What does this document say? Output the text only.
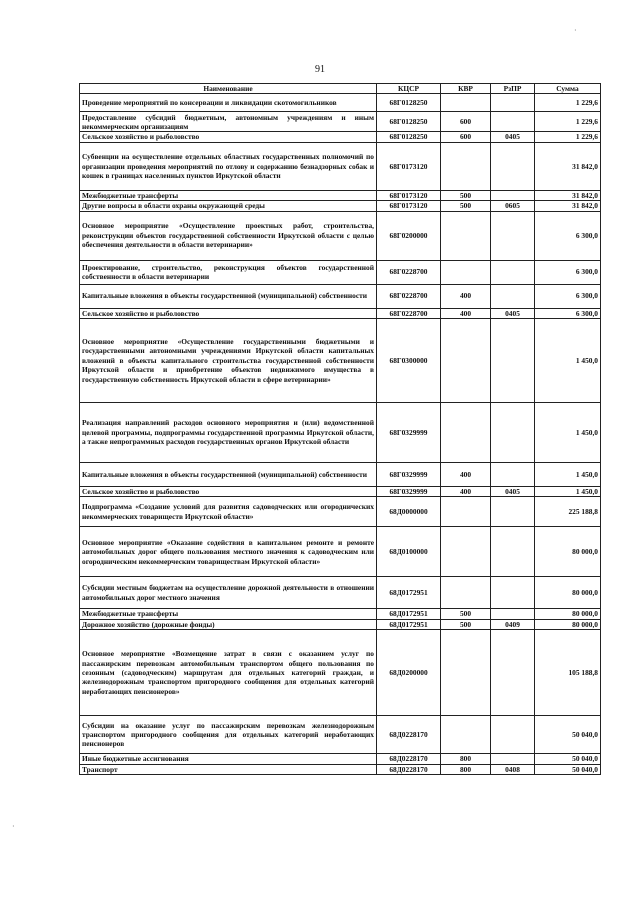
91
Наименование	КЦСР	КВР	РзПР	Сумма
Проведение мероприятий по консервации и ликвидации скотомогильников	68Г0128250			1 229,6
Предоставление субсидий бюджетным, автономным учреждениям и иным некоммерческим организациям	68Г0128250	600		1 229,6
Сельское хозяйство и рыболовство	68Г0128250	600	0405	1 229,6
Субвенции на осуществление отдельных областных государственных полномочий по организации проведения мероприятий по отлову и содержанию безнадзорных собак и кошек в границах населенных пунктов Иркутской области	68Г0173120			31 842,0
Межбюджетные трансферты	68Г0173120	500		31 842,0
Другие вопросы в области охраны окружающей среды	68Г0173120	500	0605	31 842,0
Основное мероприятие «Осуществление проектных работ, строительства, реконструкции объектов государственной собственности Иркутской области с целью обеспечения деятельности в области ветеринарии»	68Г0200000			6 300,0
Проектирование, строительство, реконструкция объектов государственной собственности в области ветеринарии	68Г0228700			6 300,0
Капитальные вложения в объекты государственной (муниципальной) собственности	68Г0228700	400		6 300,0
Сельское хозяйство и рыболовство	68Г0228700	400	0405	6 300,0
Основное мероприятие «Осуществление государственными бюджетными и государственными автономными учреждениями Иркутской области капитальных вложений в объекты капитального строительства государственной собственности Иркутской области и приобретение объектов недвижимого имущества в государственную собственность Иркутской области в сфере ветеринарии»	68Г0300000			1 450,0
Реализация направлений расходов основного мероприятия и (или) ведомственной целевой программы, подпрограммы государственной программы Иркутской области, а также непрограммных расходов государственных органов Иркутской области	68Г0329999			1 450,0
Капитальные вложения в объекты государственной (муниципальной) собственности	68Г0329999	400		1 450,0
Сельское хозяйство и рыболовство	68Г0329999	400	0405	1 450,0
Подпрограмма «Создание условий для развития садоводческих или огороднических некоммерческих товариществ Иркутской области»	68Д0000000			225 188,8
Основное мероприятие «Оказание содействия в капитальном ремонте и ремонте автомобильных дорог общего пользования местного значения к садоводческим или огородническим некоммерческим товариществам Иркутской области»	68Д0100000			80 000,0
Субсидии местным бюджетам на осуществление дорожной деятельности в отношении автомобильных дорог местного значения	68Д0172951			80 000,0
Межбюджетные трансферты	68Д0172951	500		80 000,0
Дорожное хозяйство (дорожные фонды)	68Д0172951	500	0409	80 000,0
Основное мероприятие «Возмещение затрат в связи с оказанием услуг по пассажирским перевозкам автомобильным транспортом общего пользования по сезонным (садоводческим) маршрутам для отдельных категорий граждан, и железнодорожным транспортом пригородного сообщения для отдельных категорий неработающих пенсионеров»	68Д0200000			105 188,8
Субсидии на оказание услуг по пассажирским перевозкам железнодорожным транспортом пригородного сообщения для отдельных категорий неработающих пенсионеров	68Д0228170			50 040,0
Иные бюджетные ассигнования	68Д0228170	800		50 040,0
Транспорт	68Д0228170	800	0408	50 040,0
·
·
